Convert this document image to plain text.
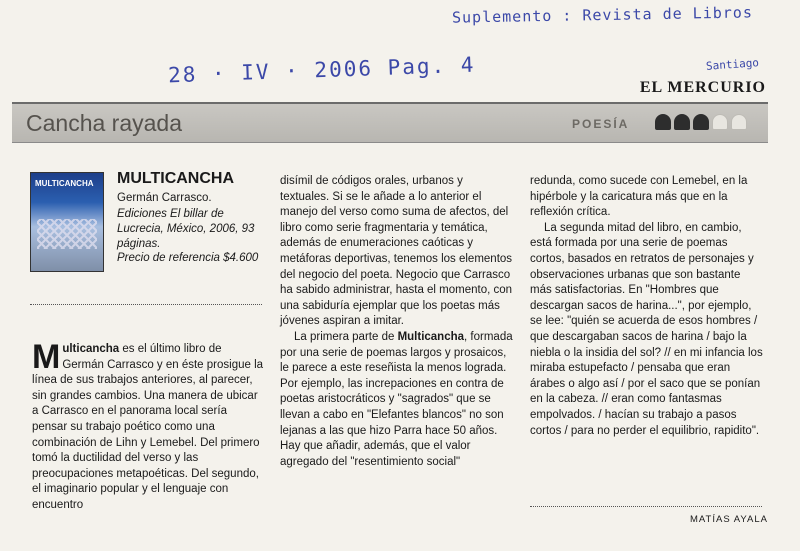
Suplemento : Revista de Libros
28 · IV · 2006 Pag. 4	Santiago
EL MERCURIO
Cancha rayada	POESÍA
MULTICANCHA MULTICANCHA
Germán Carrasco.
Ediciones El billar de Lucrecia, México, 2006, 93 páginas.
Precio de referencia $4.600

Multicancha es el último libro de Germán Carrasco y en éste prosigue la línea de sus trabajos anteriores, al parecer, sin grandes cambios. Una manera de ubicar a Carrasco en el panorama local sería pensar su trabajo poético como una combinación de Lihn y Lemebel. Del primero tomó la ductilidad del verso y las preocupaciones metapoéticas. Del segundo, el imaginario popular y el lenguaje con encuentro

disímil de códigos orales, urbanos y textuales. Si se le añade a lo anterior el manejo del verso como suma de afectos, del libro como serie fragmentaria y temática, además de enumeraciones caóticas y metáforas deportivas, tenemos los elementos del negocio del poeta. Negocio que Carrasco ha sabido administrar, hasta el momento, con una sabiduría ejemplar que los poetas más jóvenes aspiran a imitar.

La primera parte de Multicancha, formada por una serie de poemas largos y prosaicos, le parece a este reseñista la menos lograda. Por ejemplo, las increpaciones en contra de poetas aristocráticos y "sagrados" que se llevan a cabo en "Elefantes blancos" no son lejanas a las que hizo Parra hace 50 años. Hay que añadir, además, que el valor agregado del "resentimiento social"

redunda, como sucede con Lemebel, en la hipérbole y la caricatura más que en la reflexión crítica.

La segunda mitad del libro, en cambio, está formada por una serie de poemas cortos, basados en retratos de personajes y observaciones urbanas que son bastante más satisfactorias. En "Hombres que descargan sacos de harina...", por ejemplo, se lee: "quién se acuerda de esos hombres / que descargaban sacos de harina / bajo la niebla o la insidia del sol? // en mi infancia los miraba estupefacto / pensaba que eran árabes o algo así / por el saco que se ponían en la cabeza. // eran como fantasmas empolvados. / hacían su trabajo a pasos cortos / para no perder el equilibrio, rapidito".

MATÍAS AYALA
